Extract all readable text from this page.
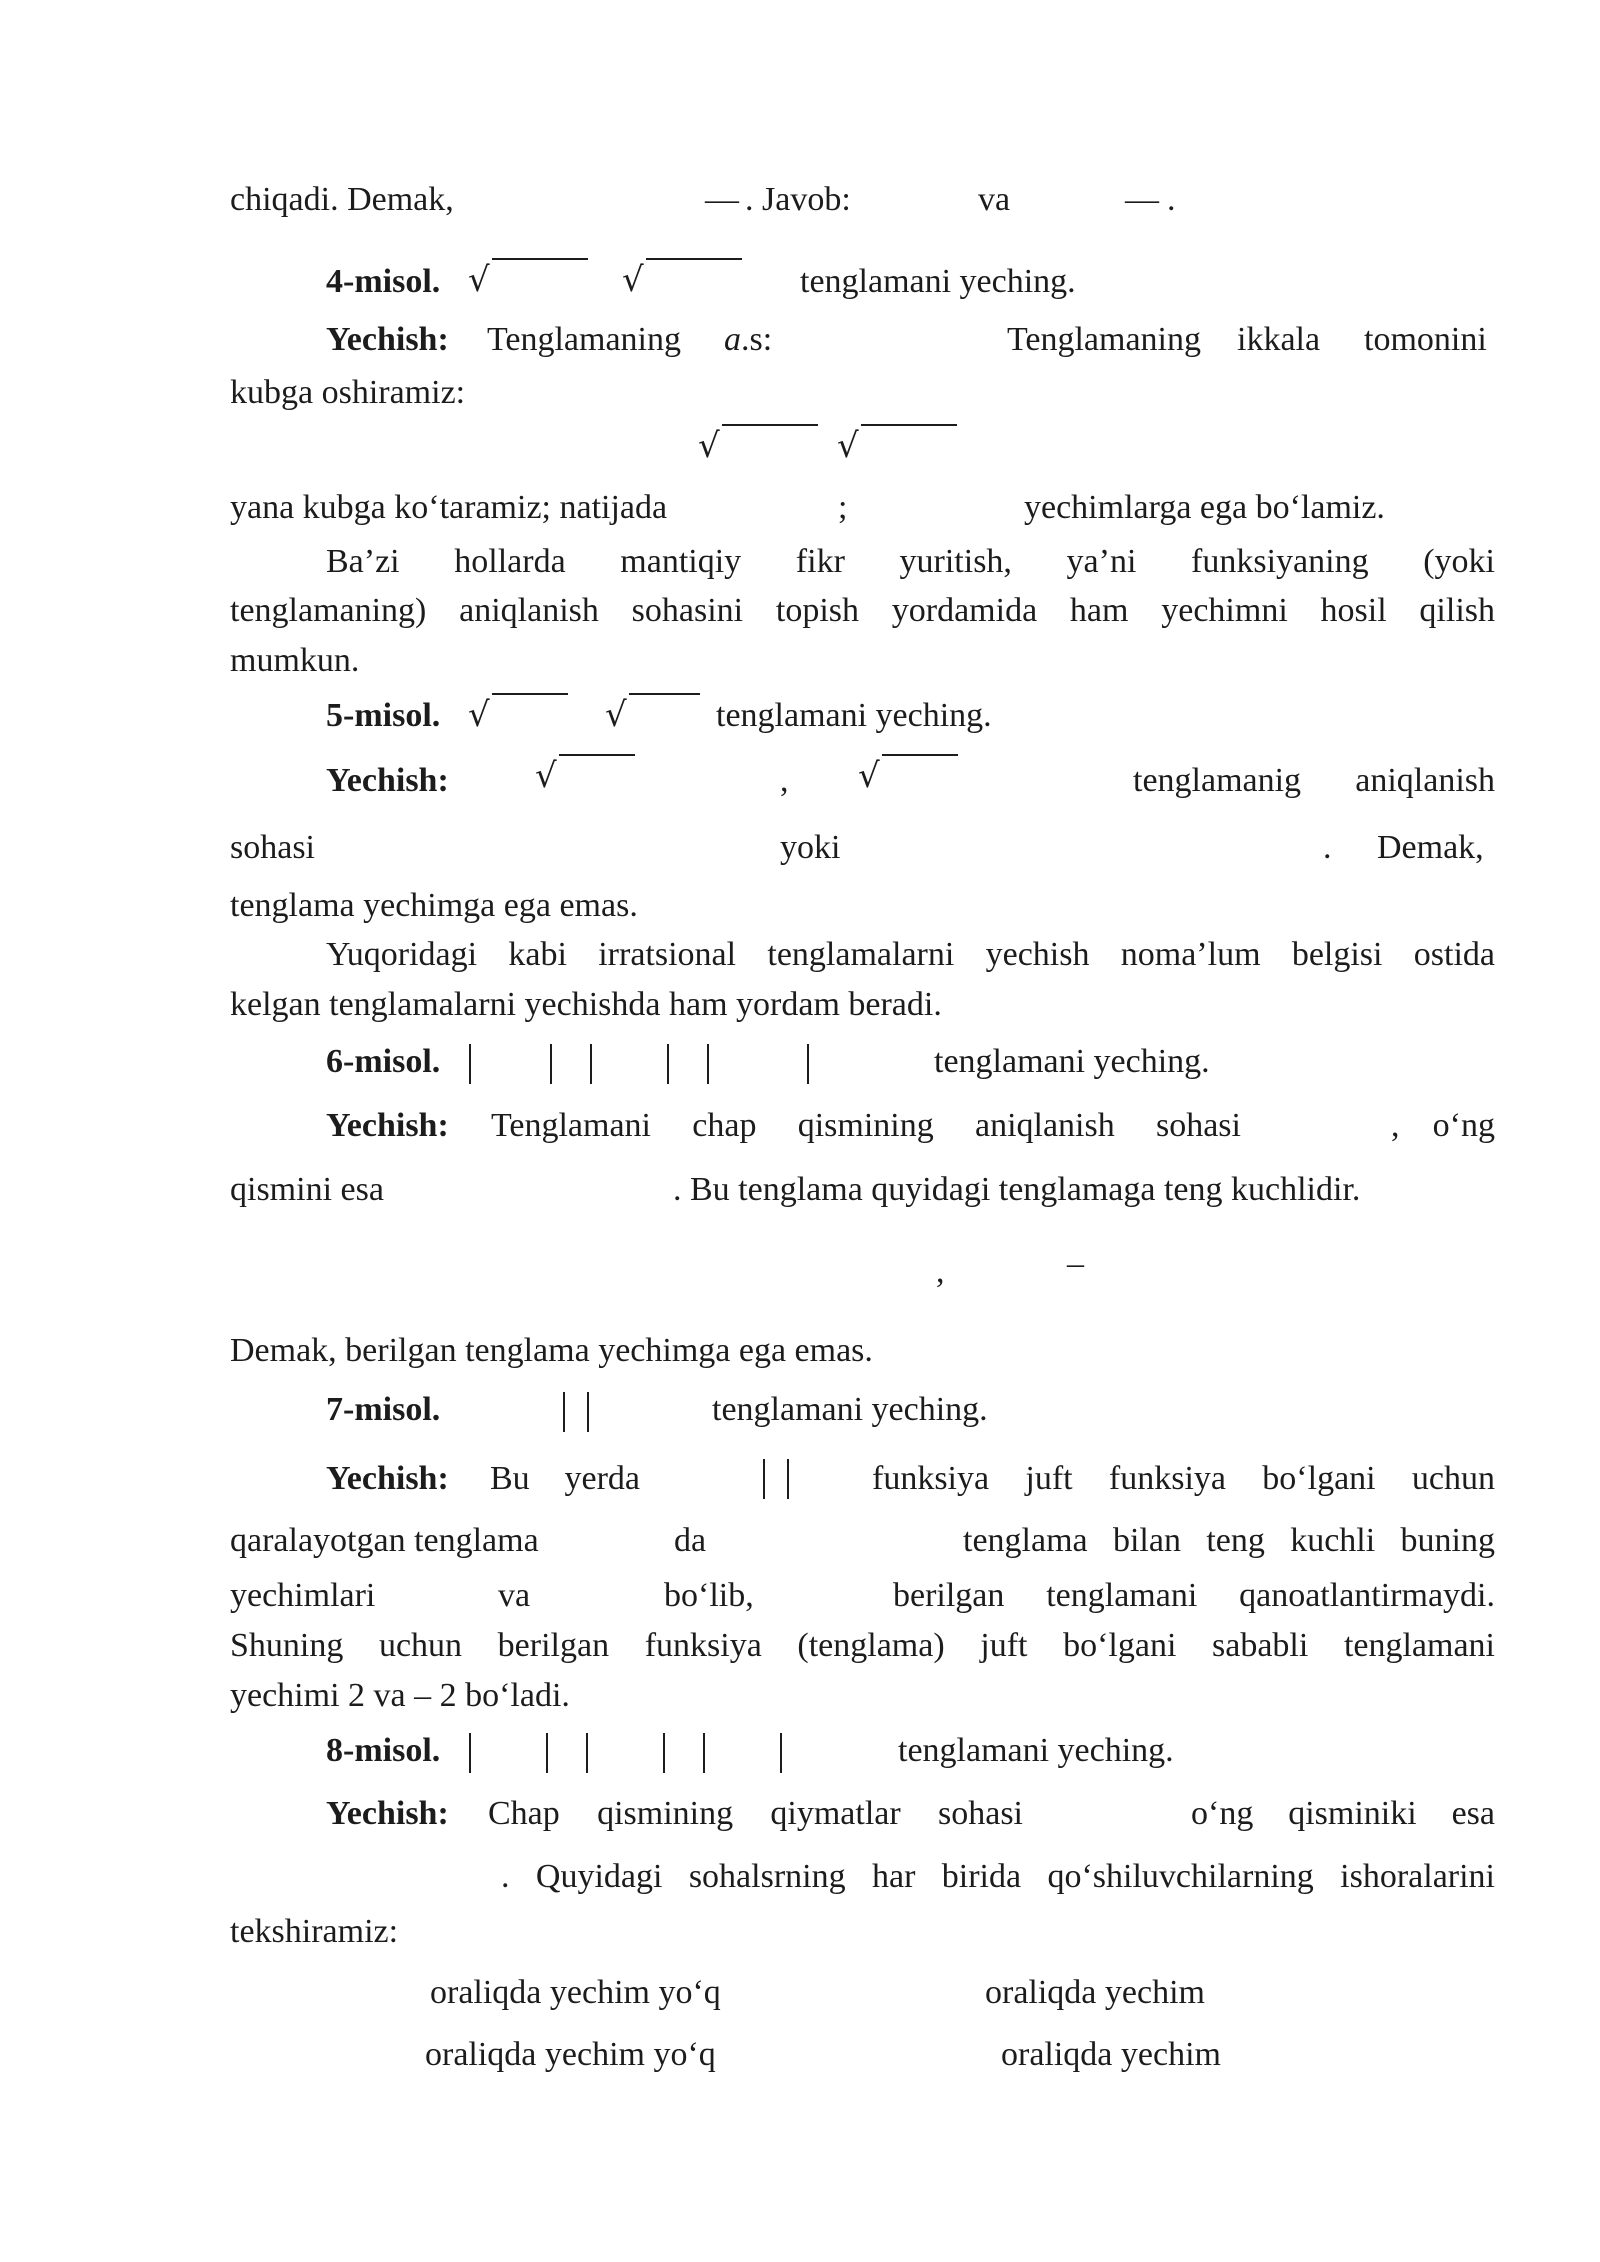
chiqadi. Demak,	— . Javob:	va	— .
4-misol. √	√	tenglamani yeching.
Yechish: Tenglamaning a .s:	Tenglamaning ikkala tomonini
kubga oshiramiz:
√	√
yana kubga ko‘taramiz; natijada	;	yechimlarga ega bo‘lamiz.
Ba’zi hollarda mantiqiy fikr yuritish, ya’ni funksiyaning (yoki
tenglamaning) aniqlanish sohasini topish yordamida ham yechimni hosil qilish
mumkun.
5-misol. √	√	tenglamani yeching.
Yechish:	√	, √	tenglamanig aniqlanish
sohasi	yoki	. Demak,
tenglama yechimga ega emas.
Yuqoridagi kabi irratsional tenglamalarni yechish noma’lum belgisi ostida
kelgan tenglamalarni yechishda ham yordam beradi.
6-misol.	tenglamani yeching.
Yechish: Tenglamani chap qismining aniqlanish sohasi	, o‘ng
qismini esa	. Bu tenglama quyidagi tenglamaga teng kuchlidir.
,	–
Demak, berilgan tenglama yechimga ega emas.
7-misol.	tenglamani yeching.
Yechish: Bu yerda	funksiya juft funksiya bo‘lgani uchun
qaralayotgan tenglama	da	tenglama bilan teng kuchli buning
yechimlari	va	bo‘lib,	berilgan tenglamani qanoatlantirmaydi.
Shuning uchun berilgan funksiya (tenglama) juft bo‘lgani sababli tenglamani
yechimi 2 va – 2 bo‘ladi.
8-misol.	tenglamani yeching.
Yechish: Chap qismining qiymatlar sohasi	o‘ng qisminiki esa
. Quyidagi sohalsrning har birida qo‘shiluvchilarning ishoralarini
tekshiramiz:
oraliqda yechim yo‘q	oraliqda yechim
oraliqda yechim yo‘q	oraliqda yechim
